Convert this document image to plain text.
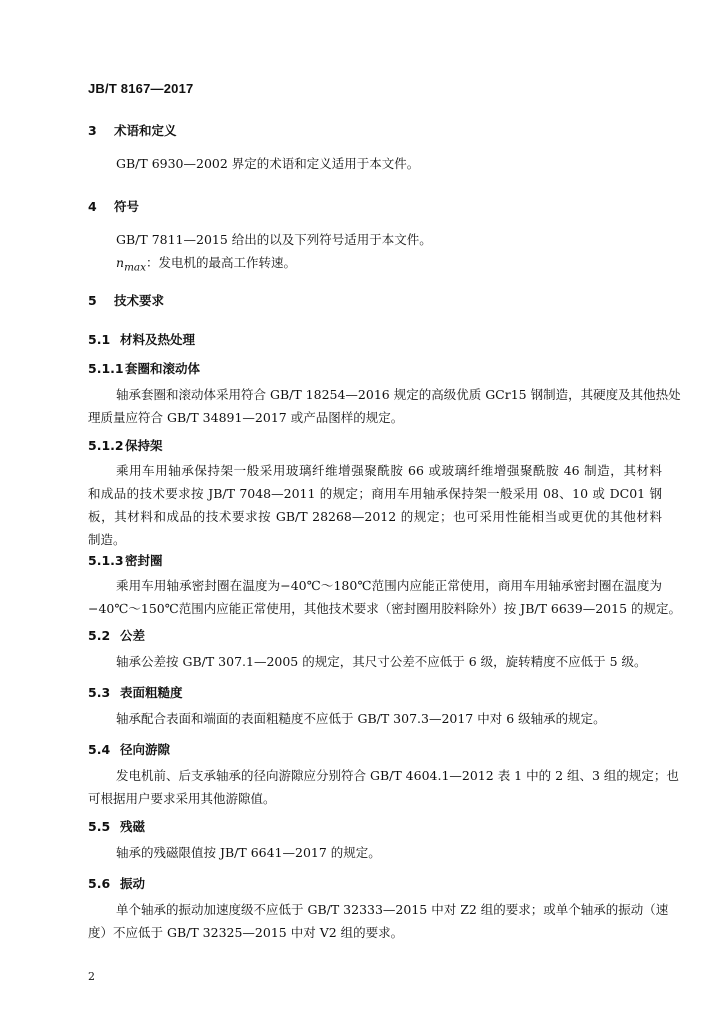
JB/T 8167—2017
3 术语和定义
GB/T 6930—2002 界定的术语和定义适用于本文件。
4 符号
GB/T 7811—2015 给出的以及下列符号适用于本文件。
$n_{max}$：发电机的最高工作转速。
5 技术要求
5.1 材料及热处理
5.1.1套圈和滚动体
轴承套圈和滚动体采用符合 GB/T 18254—2016 规定的高级优质 GCr15 钢制造，其硬度及其他热处
理质量应符合 GB/T 34891—2017 或产品图样的规定。
5.1.2保持架
乘用车用轴承保持架一般采用玻璃纤维增强聚酰胺 66 或玻璃纤维增强聚酰胺 46 制造，其材料
和成品的技术要求按 JB/T 7048—2011 的规定；商用车用轴承保持架一般采用 08、10 或 DC01 钢
板，其材料和成品的技术要求按 GB/T 28268—2012 的规定；也可采用性能相当或更优的其他材料
制造。
5.1.3密封圈
乘用车用轴承密封圈在温度为−40℃～180℃范围内应能正常使用，商用车用轴承密封圈在温度为
−40℃～150℃范围内应能正常使用，其他技术要求（密封圈用胶料除外）按 JB/T 6639—2015 的规定。
5.2 公差
轴承公差按 GB/T 307.1—2005 的规定，其尺寸公差不应低于 6 级，旋转精度不应低于 5 级。
5.3 表面粗糙度
轴承配合表面和端面的表面粗糙度不应低于 GB/T 307.3—2017 中对 6 级轴承的规定。
5.4 径向游隙
发电机前、后支承轴承的径向游隙应分别符合 GB/T 4604.1—2012 表 1 中的 2 组、3 组的规定；也
可根据用户要求采用其他游隙值。
5.5 残磁
轴承的残磁限值按 JB/T 6641—2017 的规定。
5.6 振动
单个轴承的振动加速度级不应低于 GB/T 32333—2015 中对 Z2 组的要求；或单个轴承的振动（速
度）不应低于 GB/T 32325—2015 中对 V2 组的要求。
2
